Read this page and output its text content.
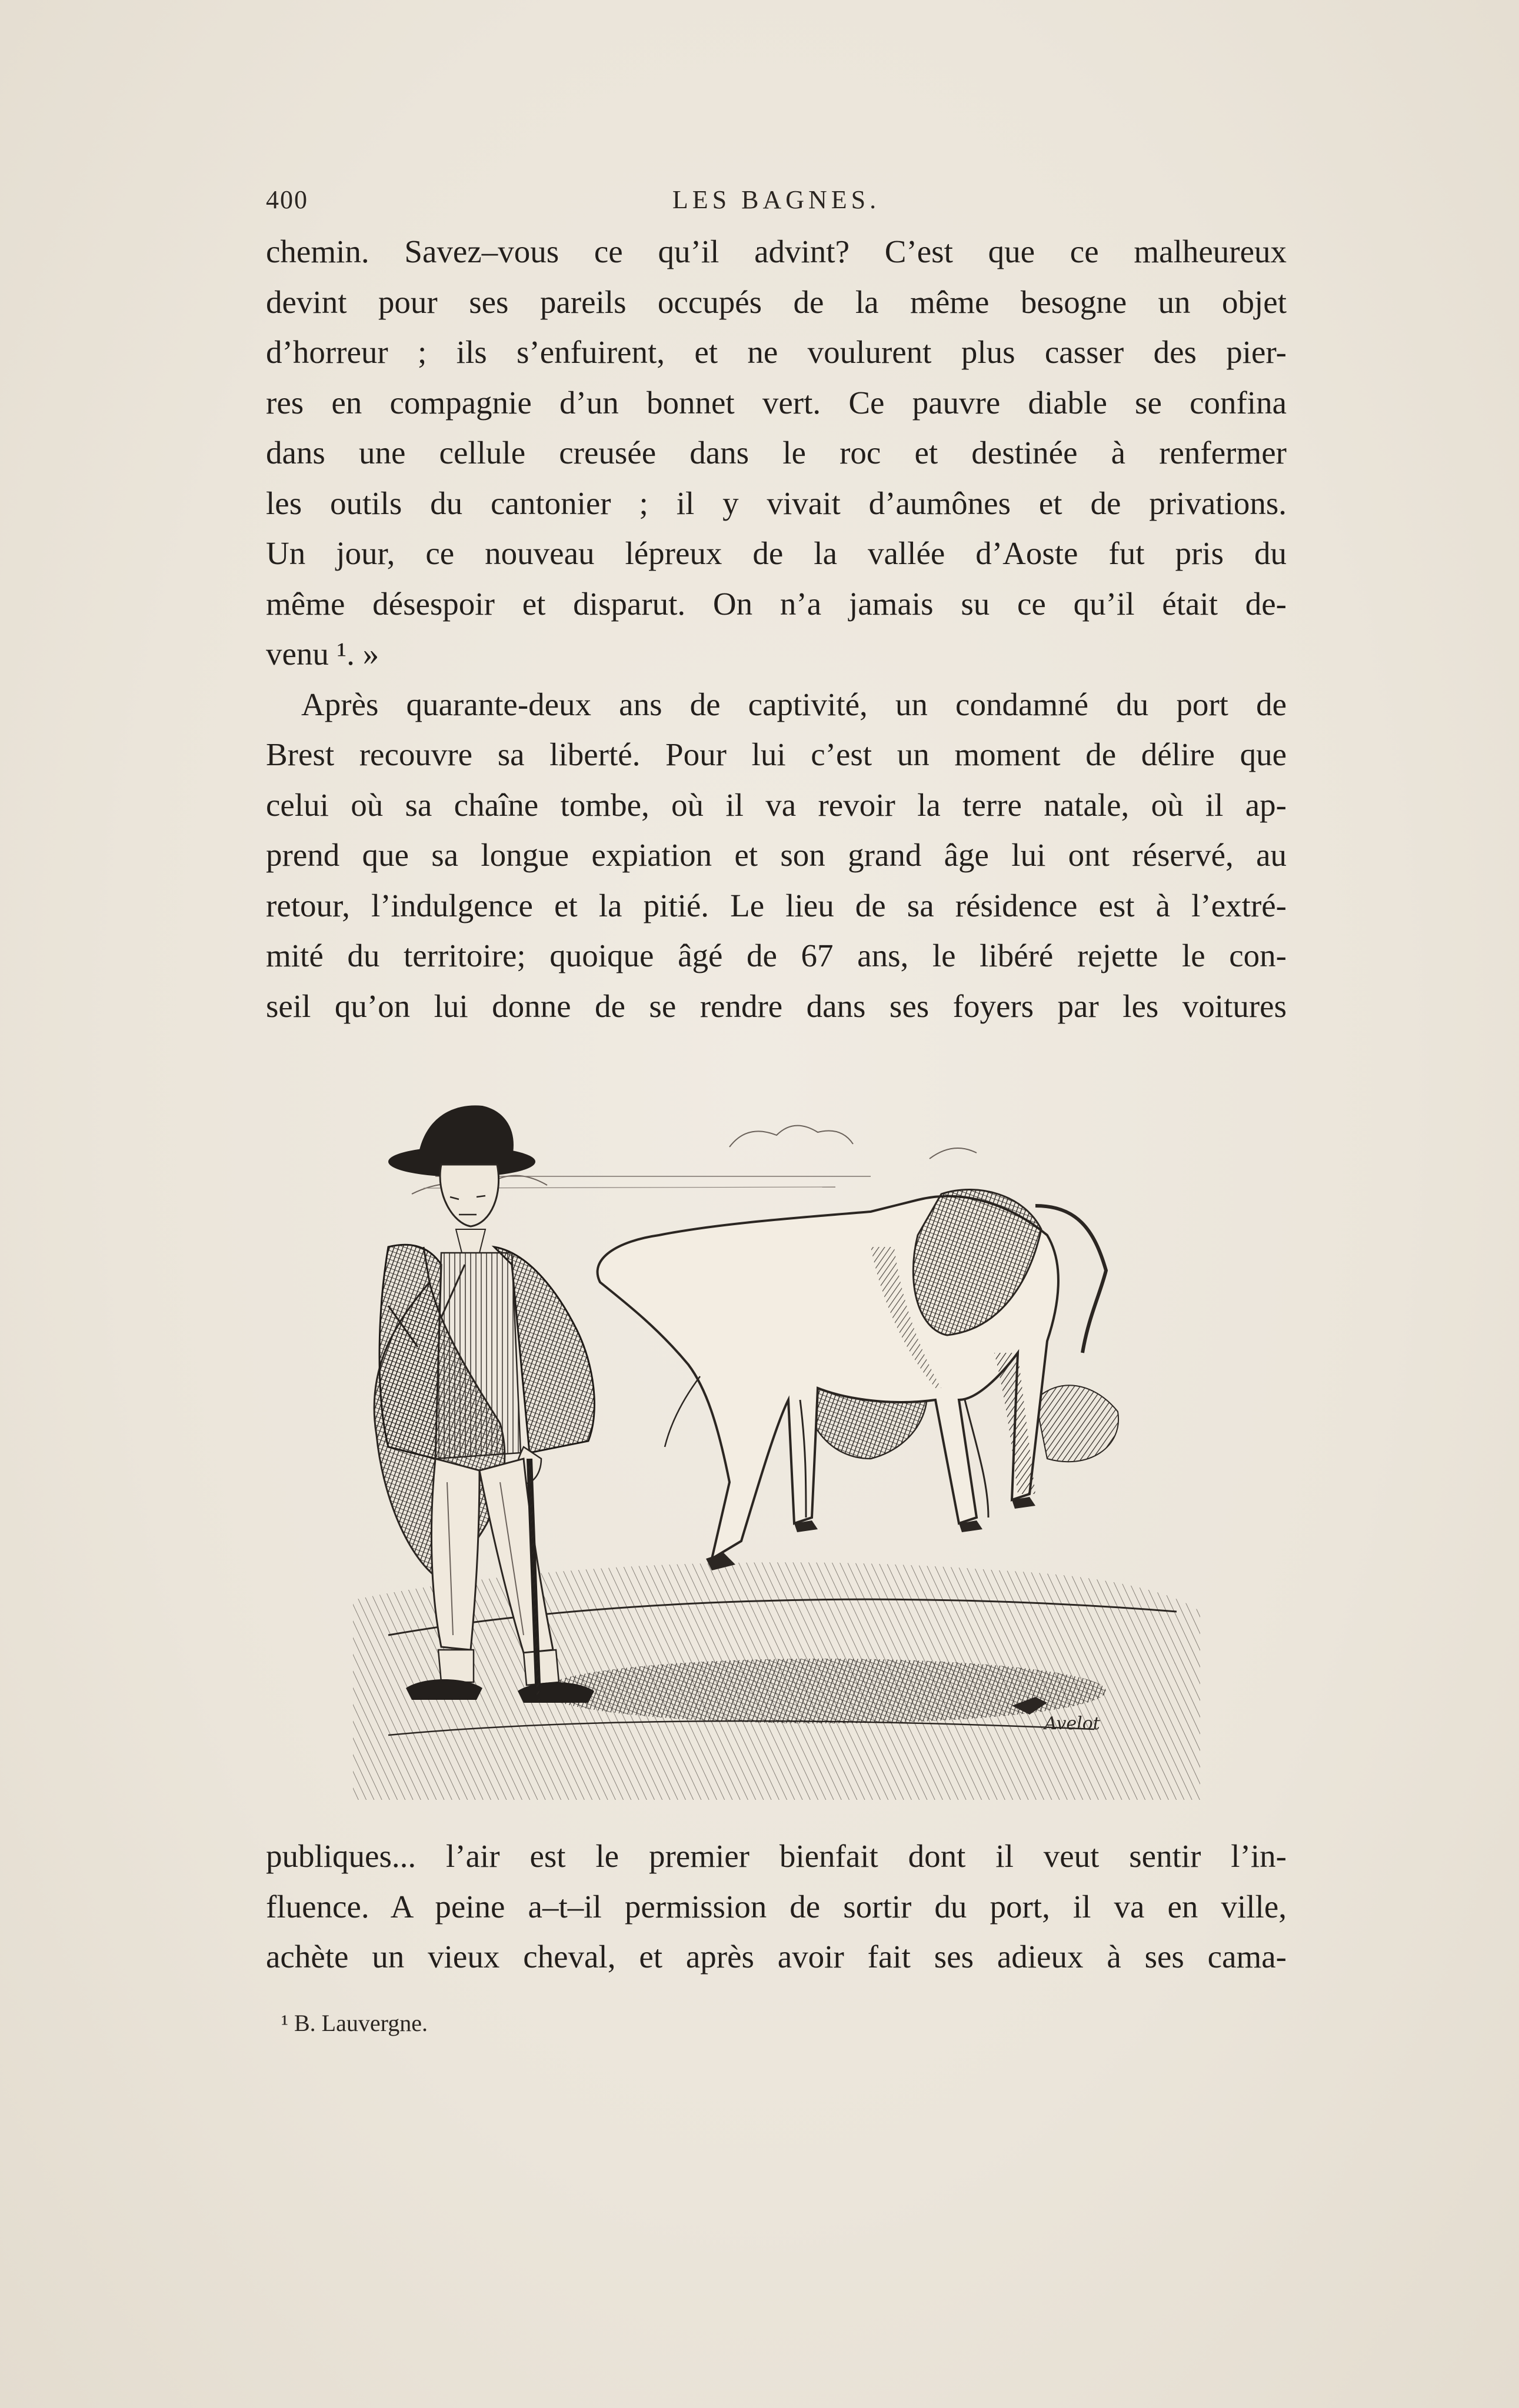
400	LES BAGNES.
chemin. Savez–vous ce qu’il advint? C’est que ce malheureux
devint pour ses pareils occupés de la même besogne un objet
d’horreur ; ils s’enfuirent, et ne voulurent plus casser des pier-
res en compagnie d’un bonnet vert. Ce pauvre diable se confina
dans une cellule creusée dans le roc et destinée à renfermer
les outils du cantonier ; il y vivait d’aumônes et de privations.
Un jour, ce nouveau lépreux de la vallée d’Aoste fut pris du
même désespoir et disparut. On n’a jamais su ce qu’il était de-
venu ¹. »
Après quarante-deux ans de captivité, un condamné du port de
Brest recouvre sa liberté. Pour lui c’est un moment de délire que
celui où sa chaîne tombe, où il va revoir la terre natale, où il ap-
prend que sa longue expiation et son grand âge lui ont réservé, au
retour, l’indulgence et la pitié. Le lieu de sa résidence est à l’extré-
mité du territoire; quoique âgé de 67 ans, le libéré rejette le con-
seil qu’on lui donne de se rendre dans ses foyers par les voitures
Avelot
publiques... l’air est le premier bienfait dont il veut sentir l’in-
fluence. A peine a–t–il permission de sortir du port, il va en ville,
achète un vieux cheval, et après avoir fait ses adieux à ses cama-
¹ B. Lauvergne.
